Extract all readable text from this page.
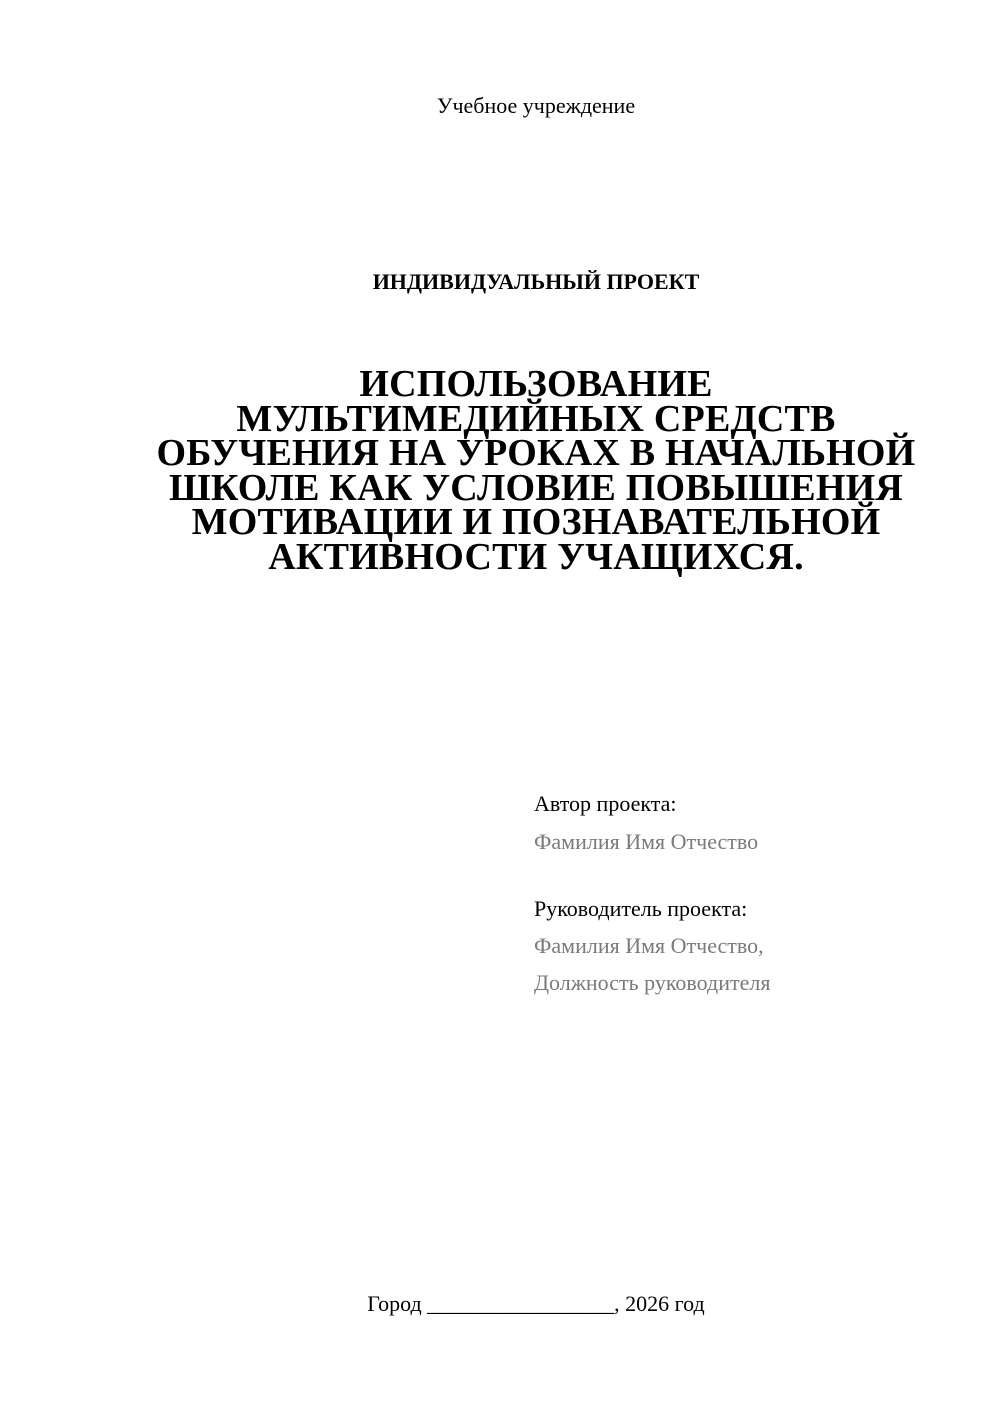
Учебное учреждение
ИНДИВИДУАЛЬНЫЙ ПРОЕКТ
ИСПОЛЬЗОВАНИЕ
МУЛЬТИМЕДИЙНЫХ СРЕДСТВ
ОБУЧЕНИЯ НА УРОКАХ В НАЧАЛЬНОЙ
ШКОЛЕ КАК УСЛОВИЕ ПОВЫШЕНИЯ
МОТИВАЦИИ И ПОЗНАВАТЕЛЬНОЙ
АКТИВНОСТИ УЧАЩИХСЯ.
Автор проекта:
Фамилия Имя Отчество
Руководитель проекта:
Фамилия Имя Отчество,
Должность руководителя
Город _________________, 2026 год
